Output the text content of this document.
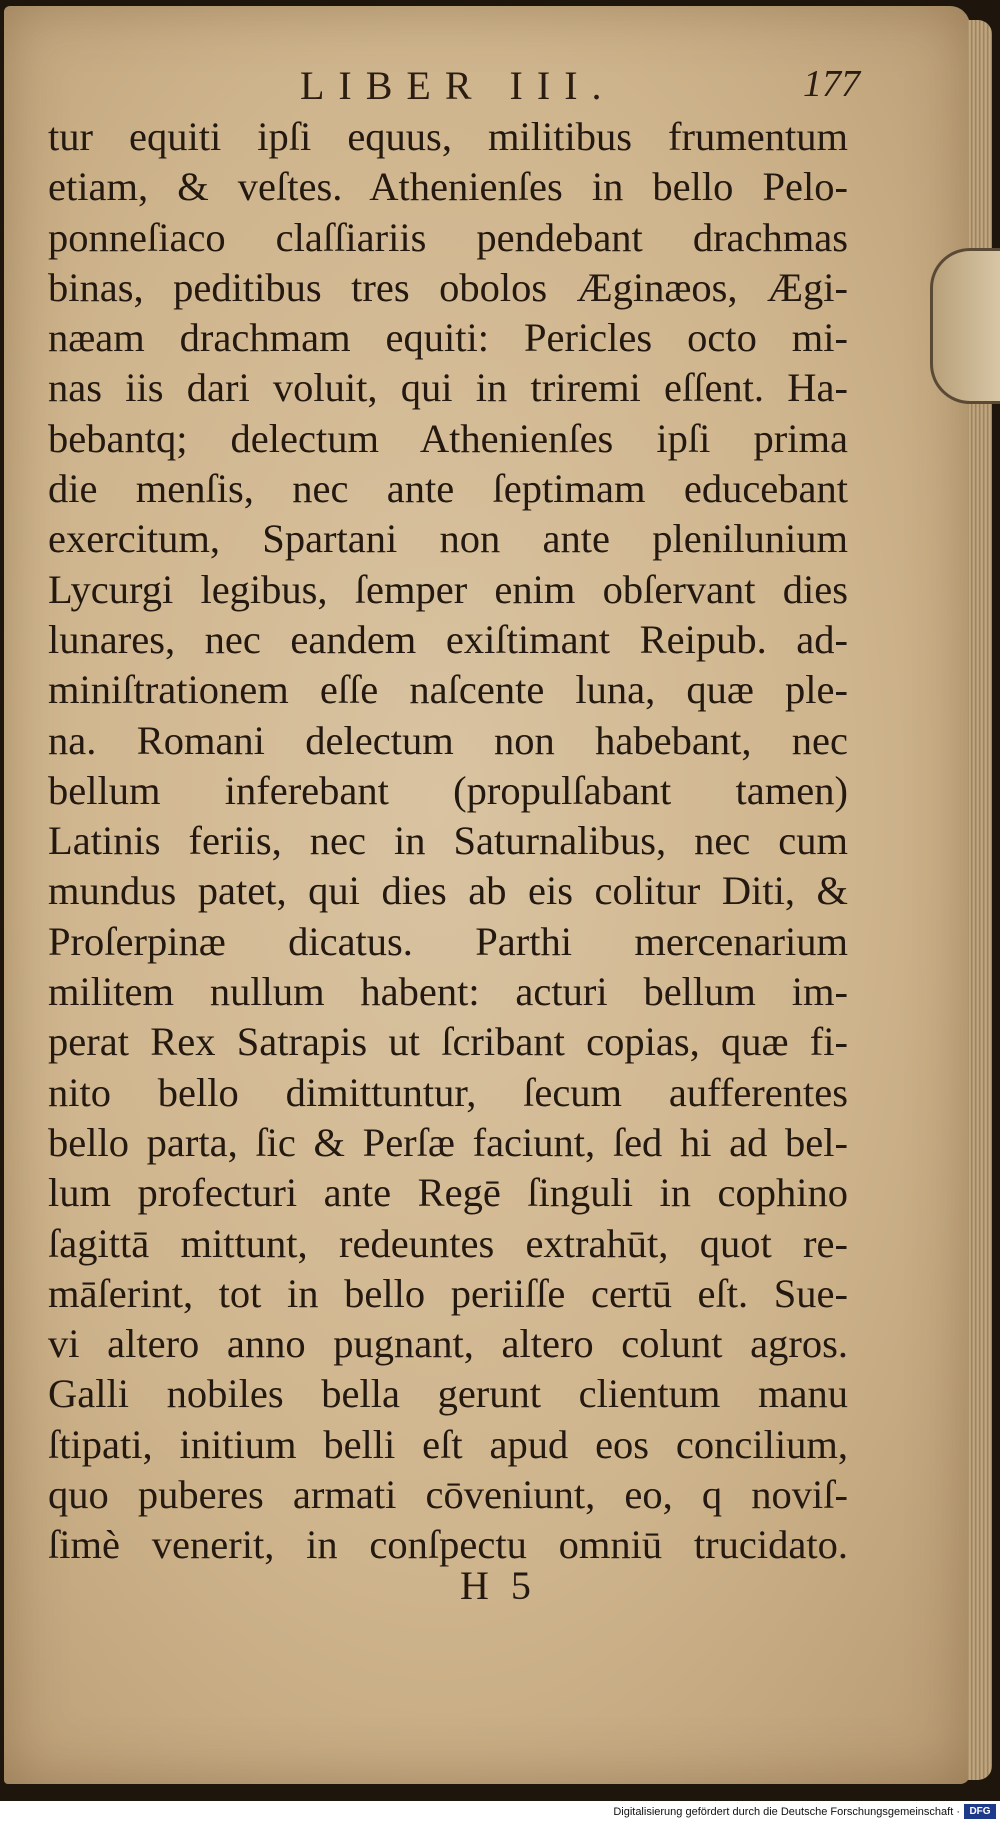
LIBER III.	177
tur equiti ipſi equus, militibus frumentum
etiam, & veſtes. Athenienſes in bello Pelo-
ponneſiaco claſſiariis pendebant drachmas
binas, peditibus tres obolos Æginæos, Ægi-
næam drachmam equiti: Pericles octo mi-
nas iis dari voluit, qui in triremi eſſent. Ha-
bebantq; delectum Athenienſes ipſi prima
die menſis, nec ante ſeptimam educebant
exercitum, Spartani non ante plenilunium
Lycurgi legibus, ſemper enim obſervant dies
lunares, nec eandem exiſtimant Reipub. ad-
miniſtrationem eſſe naſcente luna, quæ ple-
na. Romani delectum non habebant, nec
bellum inferebant (propulſabant tamen)
Latinis feriis, nec in Saturnalibus, nec cum
mundus patet, qui dies ab eis colitur Diti, &
Proſerpinæ dicatus. Parthi mercenarium
militem nullum habent: acturi bellum im-
perat Rex Satrapis ut ſcribant copias, quæ fi-
nito bello dimittuntur, ſecum aufferentes
bello parta, ſic & Perſæ faciunt, ſed hi ad bel-
lum profecturi ante Regē ſinguli in cophino
ſagittā mittunt, redeuntes extrahūt, quot re-
māſerint, tot in bello periiſſe certū eſt. Sue-
vi altero anno pugnant, altero colunt agros.
Galli nobiles bella gerunt clientum manu
ſtipati, initium belli eſt apud eos concilium,
quo puberes armati cōveniunt, eo, q noviſ-
ſimè venerit, in conſpectu omniū trucidato.
H 5
Digitalisierung gefördert durch die Deutsche Forschungsgemeinschaft · DFG
